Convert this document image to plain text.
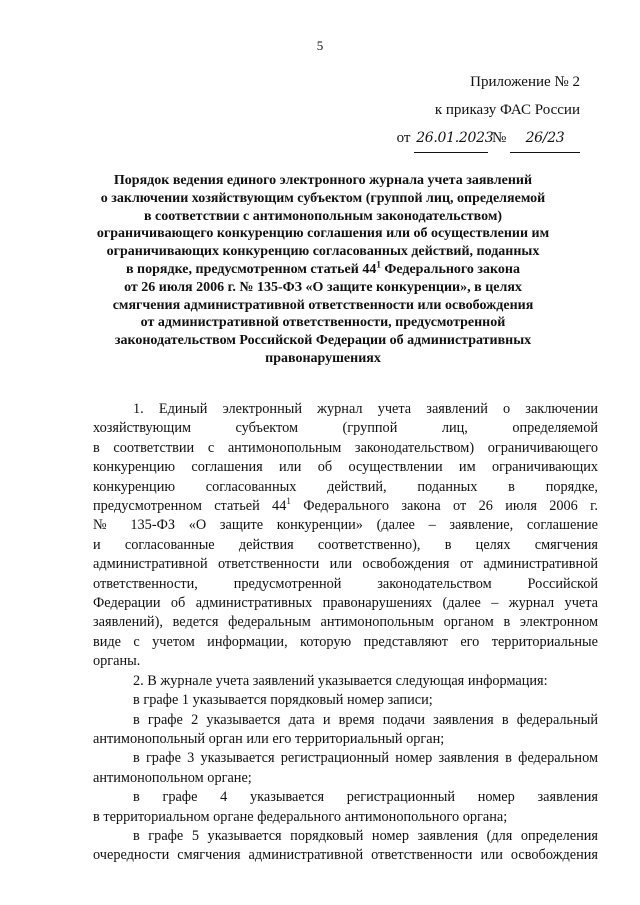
5
Приложение № 2
к приказу ФАС России
от 26.01.2023 № 26/23
Порядок ведения единого электронного журнала учета заявлений
о заключении хозяйствующим субъектом (группой лиц, определяемой
в соответствии с антимонопольным законодательством)
ограничивающего конкуренцию соглашения или об осуществлении им
ограничивающих конкуренцию согласованных действий, поданных
в порядке, предусмотренном статьей $44^1$ Федерального закона
от 26 июля 2006 г. № 135-ФЗ «О защите конкуренции», в целях
смягчения административной ответственности или освобождения
от административной ответственности, предусмотренной
законодательством Российской Федерации об административных
правонарушениях

1. Единый электронный журнал учета заявлений о заключении

хозяйствующим субъектом (группой лиц, определяемой

в соответствии с антимонопольным законодательством) ограничивающего

конкуренцию соглашения или об осуществлении им ограничивающих

конкуренцию согласованных действий, поданных в порядке,

предусмотренном статьей $44^1$ Федерального закона от 26 июля 2006 г.

№ 135-ФЗ «О защите конкуренции» (далее – заявление, соглашение

и согласованные действия соответственно), в целях смягчения

административной ответственности или освобождения от административной

ответственности, предусмотренной законодательством Российской

Федерации об административных правонарушениях (далее – журнал учета

заявлений), ведется федеральным антимонопольным органом в электронном

виде с учетом информации, которую представляют его территориальные

органы.

2. В журнале учета заявлений указывается следующая информация:

в графе 1 указывается порядковый номер записи;

в графе 2 указывается дата и время подачи заявления в федеральный

антимонопольный орган или его территориальный орган;

в графе 3 указывается регистрационный номер заявления в федеральном

антимонопольном органе;

в графе 4 указывается регистрационный номер заявления

в территориальном органе федерального антимонопольного органа;

в графе 5 указывается порядковый номер заявления (для определения

очередности смягчения административной ответственности или освобождения
